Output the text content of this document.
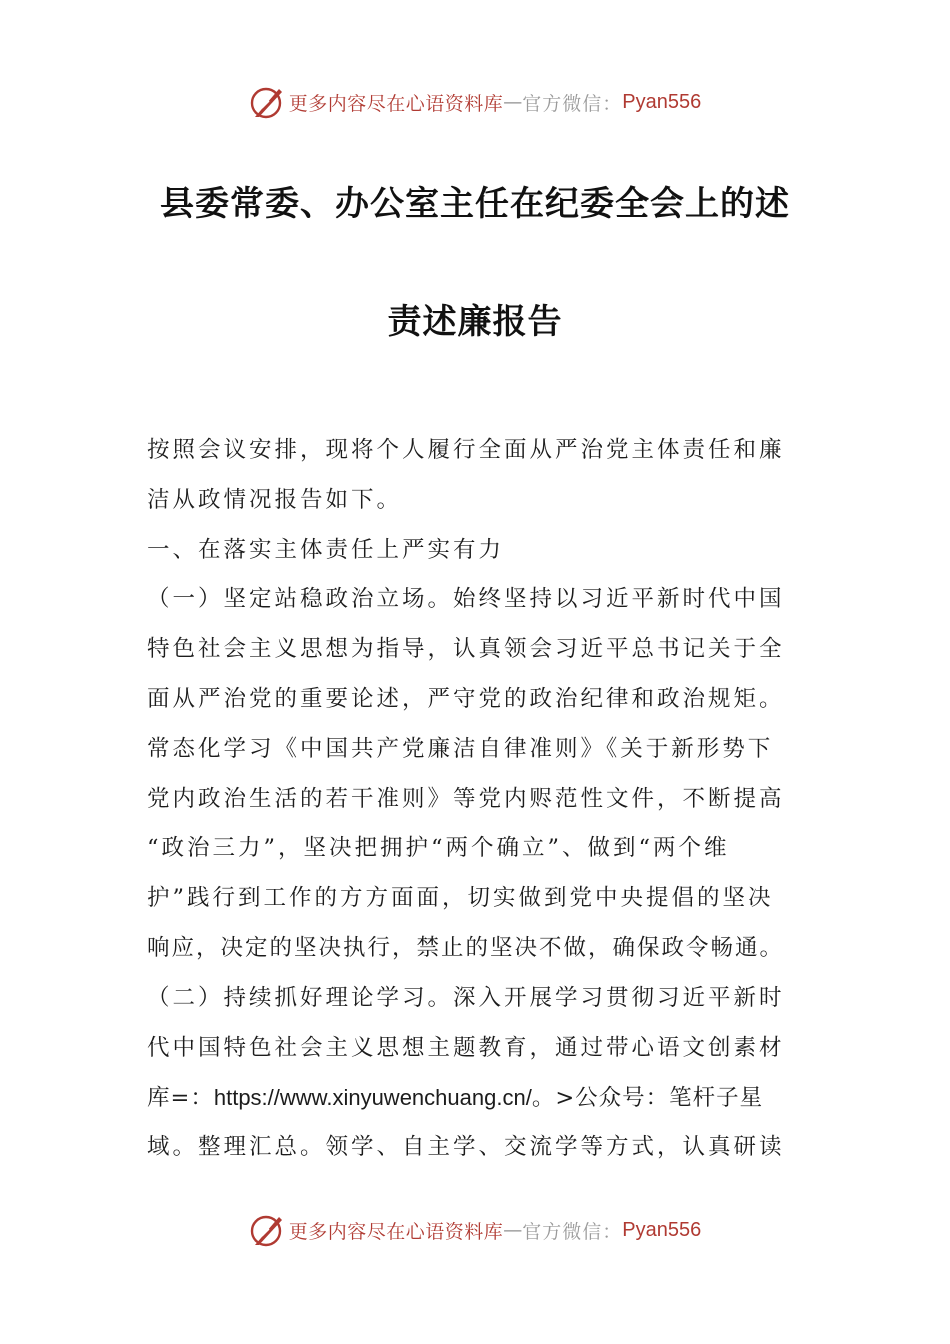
更多内容尽在心语资料库 — 官方微信： Pyan556
县委常委、办公室主任在纪委全会上的述
责述廉报告
按照会议安排，现将个人履行全面从严治党主体责任和廉
洁从政情况报告如下。
一、在落实主体责任上严实有力
（一）坚定站稳政治立场。始终坚持以习近平新时代中国
特色社会主义思想为指导，认真领会习近平总书记关于全
面从严治党的重要论述，严守党的政治纪律和政治规矩。
常态化学习《中国共产党廉洁自律准则》《关于新形势下
党内政治生活的若干准则》等党内赆范性文件，不断提高
“政治三力”，坚决把拥护“两个确立”、做到“两个维
护”践行到工作的方方面面，切实做到党中央提倡的坚决
响应，决定的坚决执行，禁止的坚决不做，确保政令畅通。
（二）持续抓好理论学习。深入开展学习贯彻习近平新时
代中国特色社会主义思想主题教育，通过带心语文创素材
库=：https://www.xinyuwenchuang.cn/。>公众号：笔杆子星
域。整理汇总。领学、自主学、交流学等方式，认真研读
更多内容尽在心语资料库 — 官方微信： Pyan556
